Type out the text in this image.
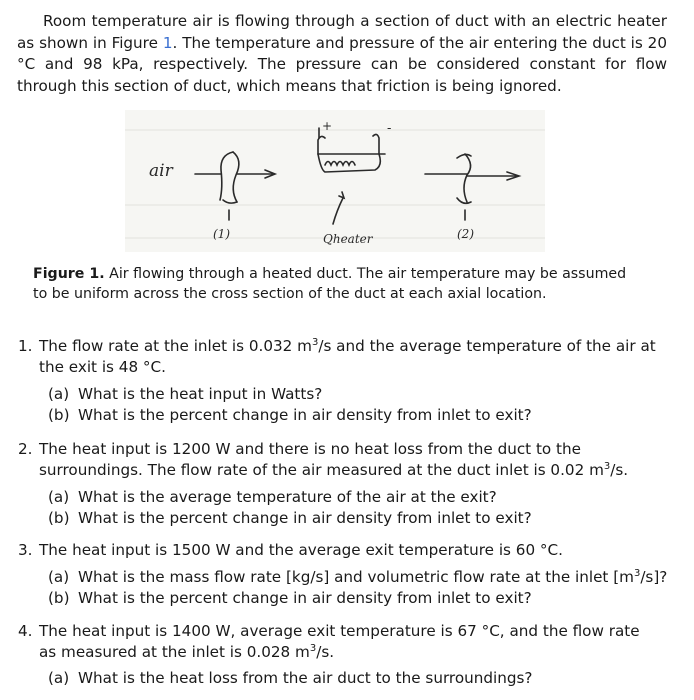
Room temperature air is flowing through a section of duct with an electric heater as shown in Figure 1. The temperature and pressure of the air entering the duct is 20 °C and 98 kPa, respectively. The pressure can be considered constant for flow through this section of duct, which means that friction is being ignored.

+	-
air
(1)	Qheater	(2)

Figure 1. Air flowing through a heated duct. The air temperature may be assumed to be uniform across the cross section of the duct at each axial location.

1. The flow rate at the inlet is 0.032 $m^3/s$ and the average temperature of the air at the exit is 48 °C.
(a) What is the heat input in Watts?
(b) What is the percent change in air density from inlet to exit?
2. The heat input is 1200 W and there is no heat loss from the duct to the surroundings. The flow rate of the air measured at the duct inlet is 0.02 $m^3/s$.
(a) What is the average temperature of the air at the exit?
(b) What is the percent change in air density from inlet to exit?
3. The heat input is 1500 W and the average exit temperature is 60 °C.
(a) What is the mass flow rate [kg/s] and volumetric flow rate at the inlet $[m^3/s]$?
(b) What is the percent change in air density from inlet to exit?
4. The heat input is 1400 W, average exit temperature is 67 °C, and the flow rate as measured at the inlet is 0.028 $m^3/s$.
(a) What is the heat loss from the air duct to the surroundings?
